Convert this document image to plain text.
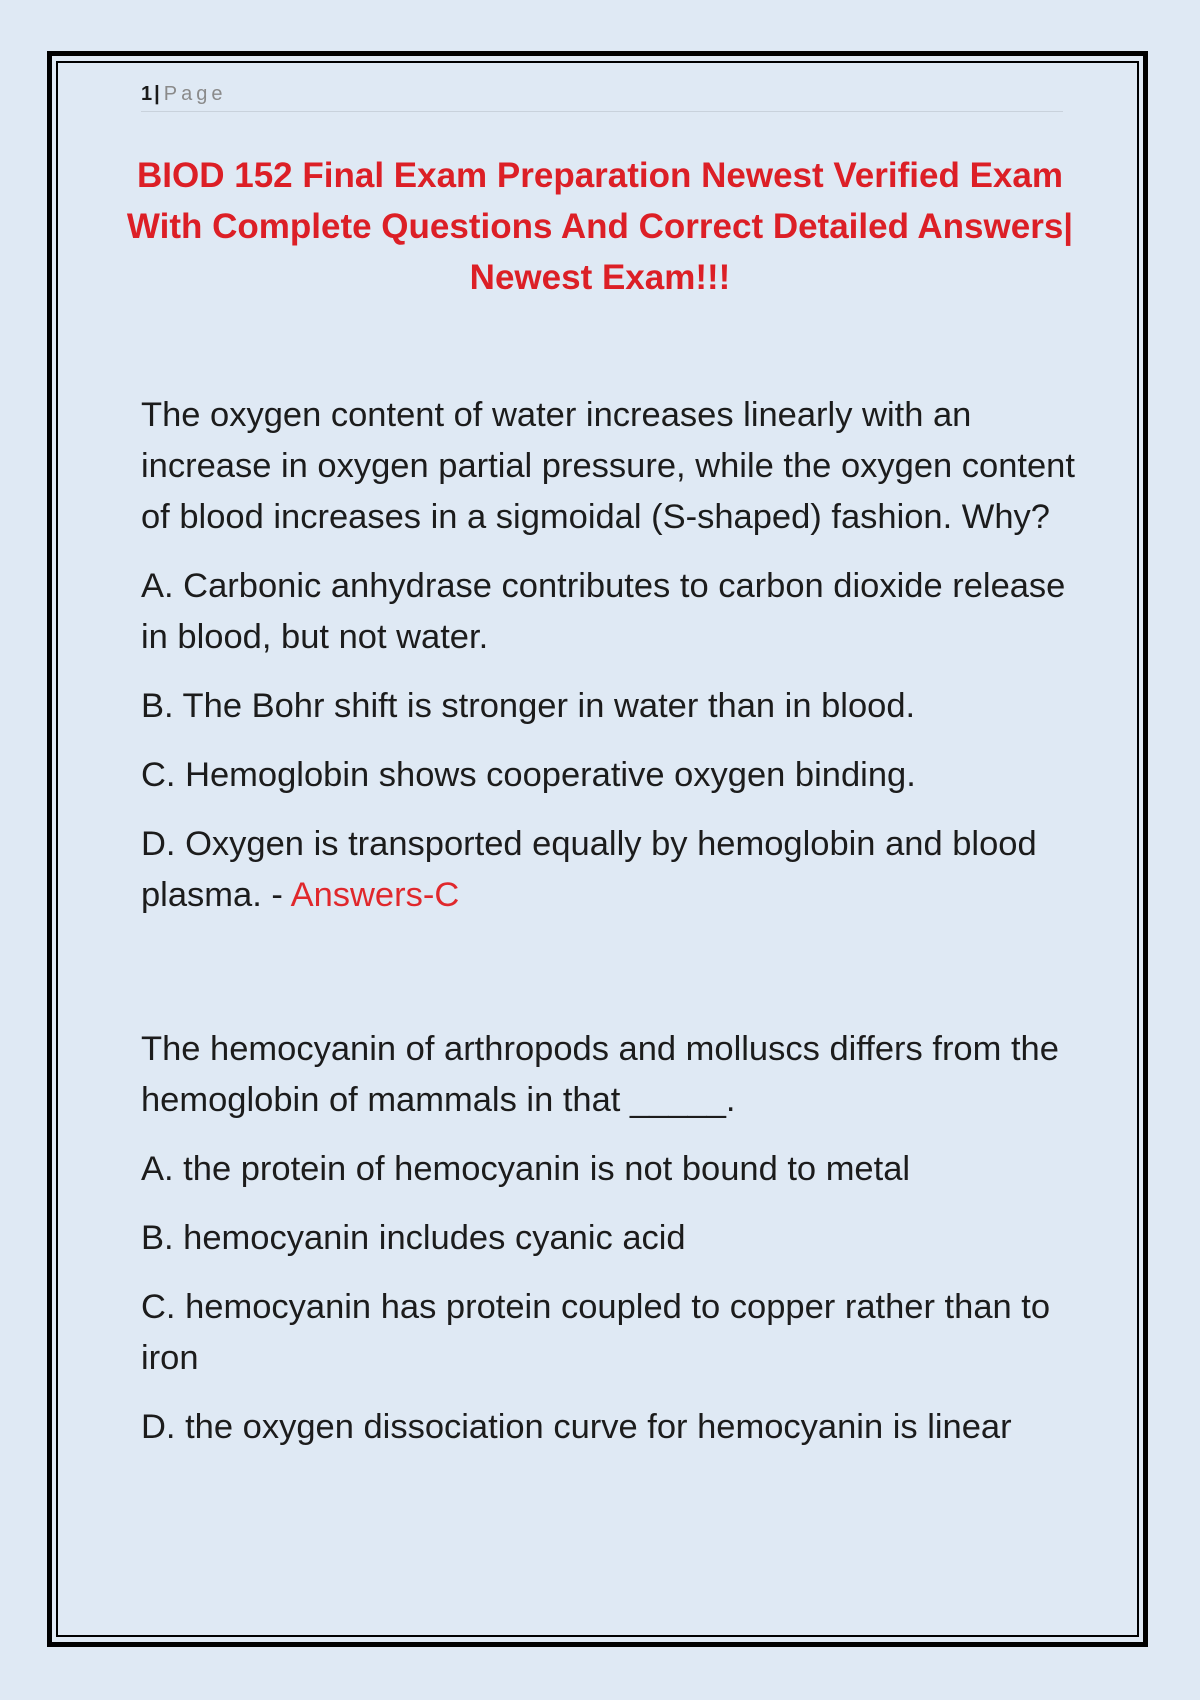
1 | Page
BIOD 152 Final Exam Preparation Newest Verified Exam With Complete Questions And Correct Detailed Answers| Newest Exam!!!

The oxygen content of water increases linearly with an increase in oxygen partial pressure, while the oxygen content of blood increases in a sigmoidal (S-shaped) fashion. Why?

A. Carbonic anhydrase contributes to carbon dioxide release in blood, but not water.

B. The Bohr shift is stronger in water than in blood.

C. Hemoglobin shows cooperative oxygen binding.

D. Oxygen is transported equally by hemoglobin and blood plasma. - Answers-C

The hemocyanin of arthropods and molluscs differs from the hemoglobin of mammals in that _____.

A. the protein of hemocyanin is not bound to metal

B. hemocyanin includes cyanic acid

C. hemocyanin has protein coupled to copper rather than to iron

D. the oxygen dissociation curve for hemocyanin is linear
